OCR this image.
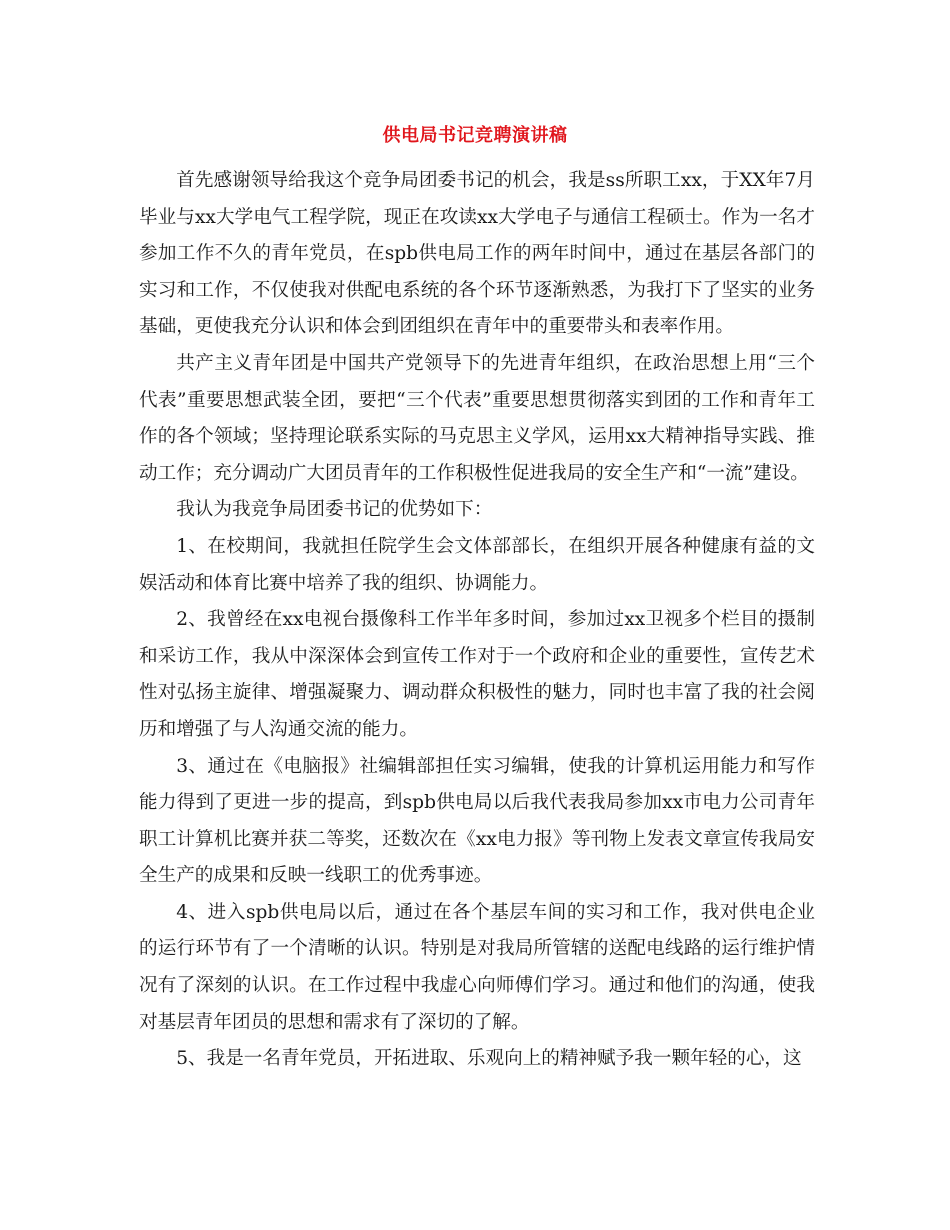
供电局书记竞聘演讲稿

首先感谢领导给我这个竞争局团委书记的机会，我是ss所职工xx，于XX年7月毕业与xx大学电气工程学院，现正在攻读xx大学电子与通信工程硕士。作为一名才参加工作不久的青年党员，在spb供电局工作的两年时间中，通过在基层各部门的实习和工作，不仅使我对供配电系统的各个环节逐渐熟悉，为我打下了坚实的业务基础，更使我充分认识和体会到团组织在青年中的重要带头和表率作用。

共产主义青年团是中国共产党领导下的先进青年组织，在政治思想上用“三个代表”重要思想武装全团，要把“三个代表”重要思想贯彻落实到团的工作和青年工作的各个领域；坚持理论联系实际的马克思主义学风，运用xx大精神指导实践、推动工作；充分调动广大团员青年的工作积极性促进我局的安全生产和“一流”建设。

我认为我竞争局团委书记的优势如下：

1、在校期间，我就担任院学生会文体部部长，在组织开展各种健康有益的文娱活动和体育比赛中培养了我的组织、协调能力。

2、我曾经在xx电视台摄像科工作半年多时间，参加过xx卫视多个栏目的摄制和采访工作，我从中深深体会到宣传工作对于一个政府和企业的重要性，宣传艺术性对弘扬主旋律、增强凝聚力、调动群众积极性的魅力，同时也丰富了我的社会阅历和增强了与人沟通交流的能力。

3、通过在《电脑报》社编辑部担任实习编辑，使我的计算机运用能力和写作能力得到了更进一步的提高，到spb供电局以后我代表我局参加xx市电力公司青年职工计算机比赛并获二等奖，还数次在《xx电力报》等刊物上发表文章宣传我局安全生产的成果和反映一线职工的优秀事迹。

4、进入spb供电局以后，通过在各个基层车间的实习和工作，我对供电企业的运行环节有了一个清晰的认识。特别是对我局所管辖的送配电线路的运行维护情况有了深刻的认识。在工作过程中我虚心向师傅们学习。通过和他们的沟通，使我对基层青年团员的思想和需求有了深切的了解。

5、我是一名青年党员，开拓进取、乐观向上的精神赋予我一颗年轻的心，这
